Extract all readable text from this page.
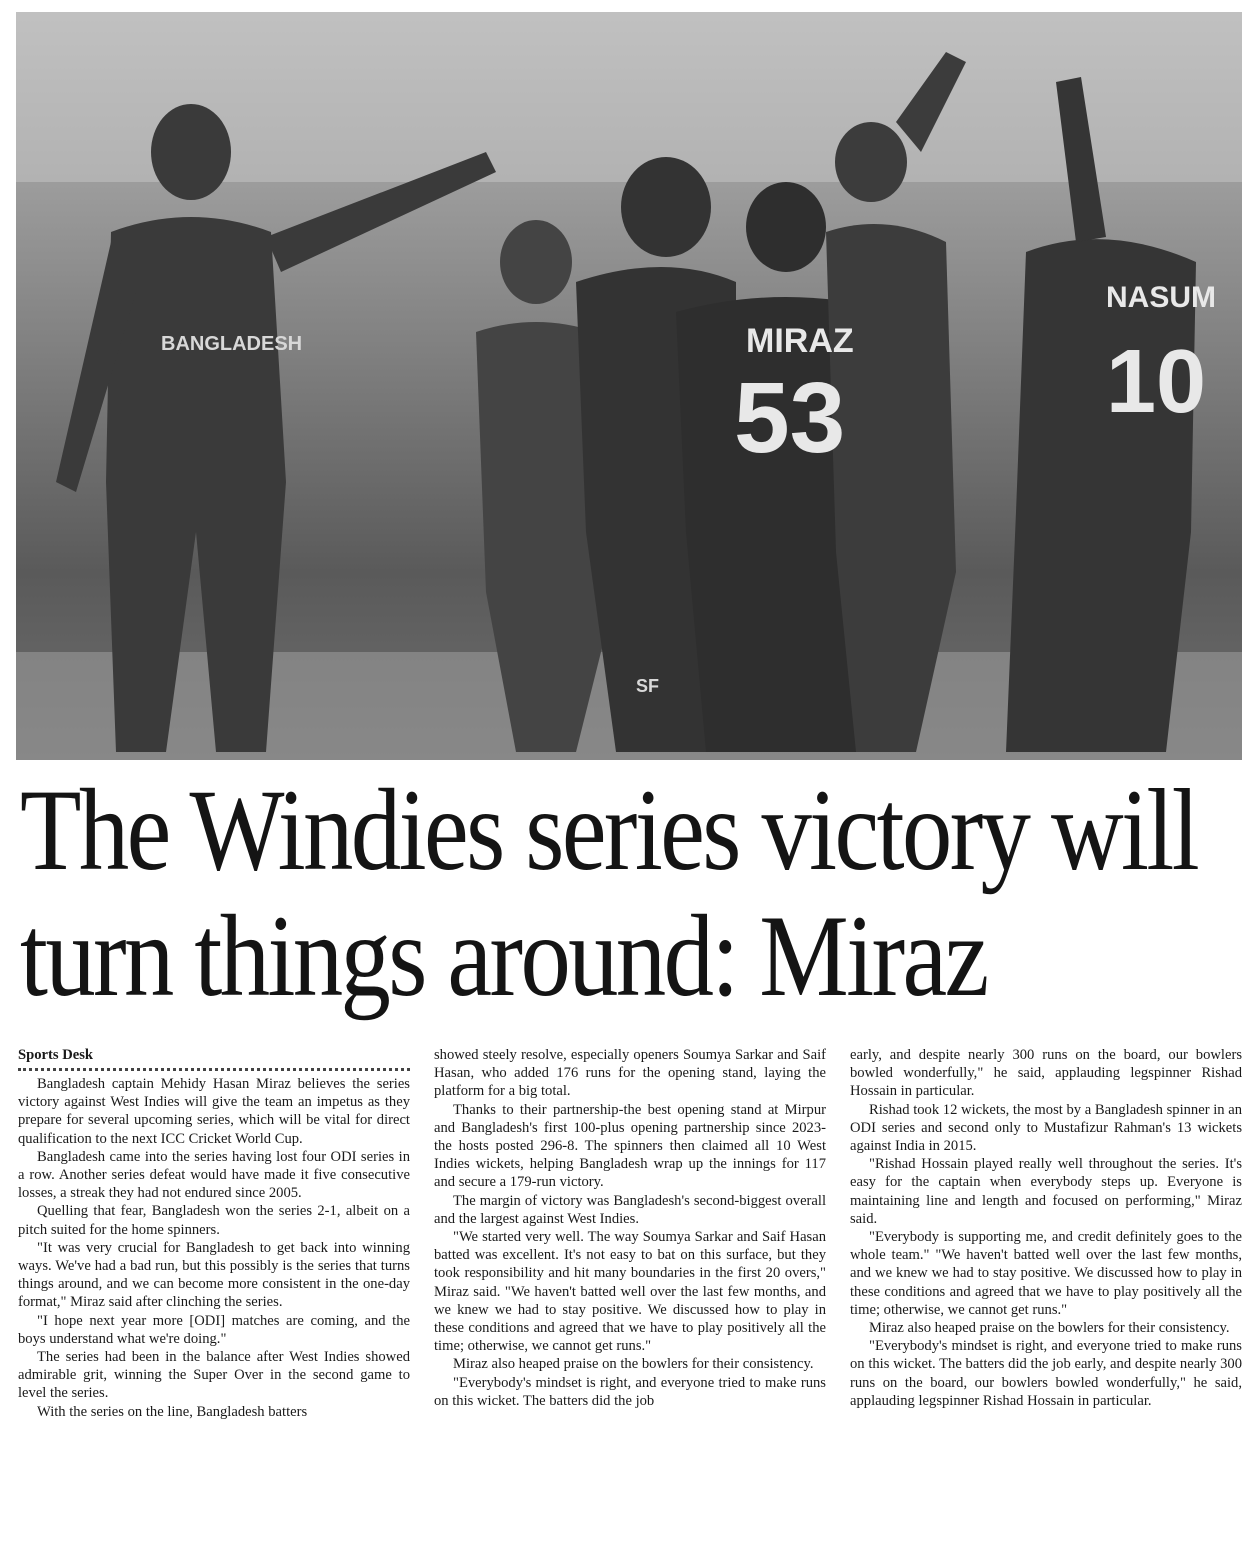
MIRAZ
53
NASUM
10
BANGLADESH
SF
The Windies series victory will
turn things around: Miraz
Sports Desk

Bangladesh captain Mehidy Hasan Miraz believes the series victory against West Indies will give the team an impetus as they prepare for several upcoming series, which will be vital for direct qualification to the next ICC Cricket World Cup.

Bangladesh came into the series having lost four ODI series in a row. Another series defeat would have made it five consecutive losses, a streak they had not endured since 2005.

Quelling that fear, Bangladesh won the series 2-1, albeit on a pitch suited for the home spinners.

"It was very crucial for Bangladesh to get back into winning ways. We've had a bad run, but this possibly is the series that turns things around, and we can become more consistent in the one-day format," Miraz said after clinching the series.

"I hope next year more [ODI] matches are coming, and the boys understand what we're doing."

The series had been in the balance after West Indies showed admirable grit, winning the Super Over in the second game to level the series.

With the series on the line, Bangladesh batters

showed steely resolve, especially openers Soumya Sarkar and Saif Hasan, who added 176 runs for the opening stand, laying the platform for a big total.

Thanks to their partnership-the best opening stand at Mirpur and Bangladesh's first 100-plus opening partnership since 2023-the hosts posted 296-8. The spinners then claimed all 10 West Indies wickets, helping Bangladesh wrap up the innings for 117 and secure a 179-run victory.

The margin of victory was Bangladesh's second-biggest overall and the largest against West Indies.

"We started very well. The way Soumya Sarkar and Saif Hasan batted was excellent. It's not easy to bat on this surface, but they took responsibility and hit many boundaries in the first 20 overs," Miraz said. "We haven't batted well over the last few months, and we knew we had to stay positive. We discussed how to play in these conditions and agreed that we have to play positively all the time; otherwise, we cannot get runs."

Miraz also heaped praise on the bowlers for their consistency.

"Everybody's mindset is right, and everyone tried to make runs on this wicket. The batters did the job

early, and despite nearly 300 runs on the board, our bowlers bowled wonderfully," he said, applauding legspinner Rishad Hossain in particular.

Rishad took 12 wickets, the most by a Bangladesh spinner in an ODI series and second only to Mustafizur Rahman's 13 wickets against India in 2015.

"Rishad Hossain played really well throughout the series. It's easy for the captain when everybody steps up. Everyone is maintaining line and length and focused on performing," Miraz said.

"Everybody is supporting me, and credit definitely goes to the whole team." "We haven't batted well over the last few months, and we knew we had to stay positive. We discussed how to play in these conditions and agreed that we have to play positively all the time; otherwise, we cannot get runs."

Miraz also heaped praise on the bowlers for their consistency.

"Everybody's mindset is right, and everyone tried to make runs on this wicket. The batters did the job early, and despite nearly 300 runs on the board, our bowlers bowled wonderfully," he said, applauding legspinner Rishad Hossain in particular.
